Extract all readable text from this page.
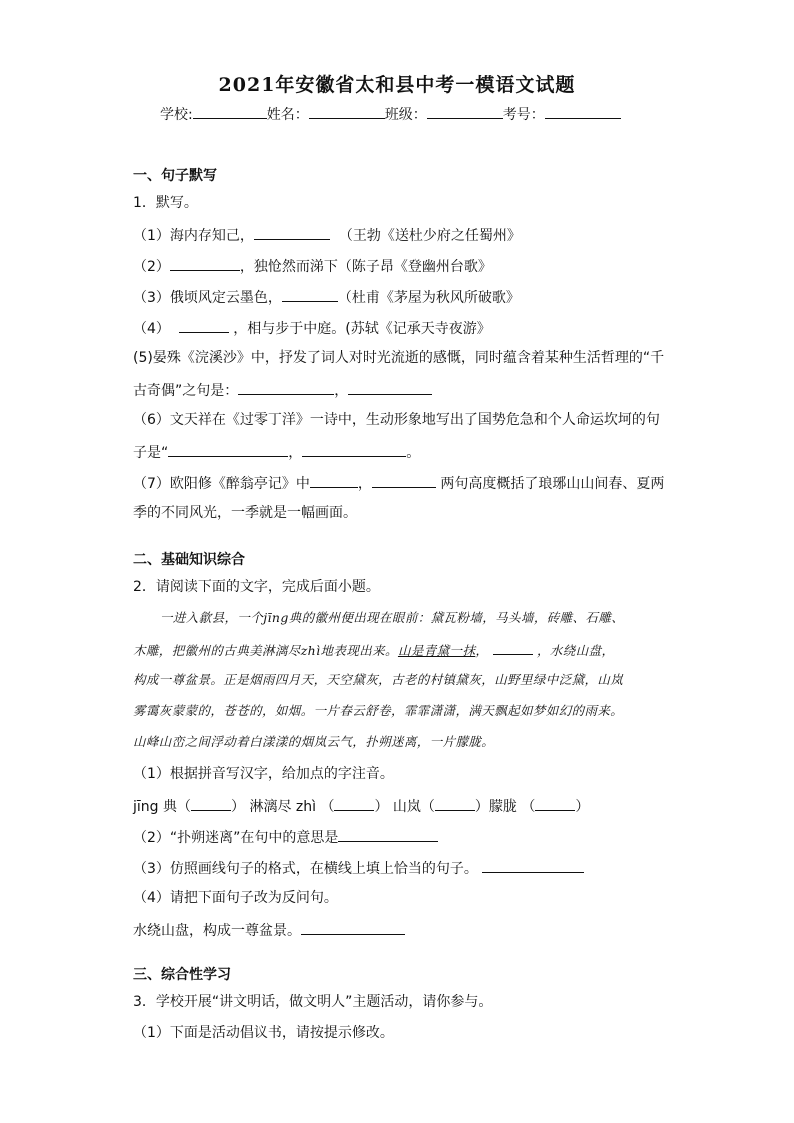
2021年安徽省太和县中考一模语文试题
学校:	姓名：	班级：	考号：
一、句子默写
1．默写。
（1）海内存知己，	（王勃《送杜少府之任蜀州》
（2）	，独怆然而涕下（陈子昂《登幽州台歌》
（3）俄顷风定云墨色，	（杜甫《茅屋为秋风所破歌》
（4）	，相与步于中庭。(苏轼《记承天寺夜游》
(5)晏殊《浣溪沙》中，抒发了词人对时光流逝的感慨，同时蕴含着某种生活哲理的“千
古奇偶”之句是：	，
（6）文天祥在《过零丁洋》一诗中，生动形象地写出了国势危急和个人命运坎坷的句
子是“	，	。
（7）欧阳修《醉翁亭记》中	，	两句高度概括了琅琊山山间春、夏两
季的不同风光，一季就是一幅画面。
二、基础知识综合
2．请阅读下面的文字，完成后面小题。
一进入歙县，一个jīng典的徽州便出现在眼前：黛瓦粉墙，马头墙，砖雕、石雕、
木雕，把徽州的古典美淋漓尽zhì地表现出来。山是青黛一抹，	，水绕山盘，
构成一尊盆景。正是烟雨四月天，天空黛灰，古老的村镇黛灰，山野里绿中泛黛，山岚
雾霭灰蒙蒙的，苍苍的，如烟。一片春云舒卷，霏霏潇潇，满天飘起如梦如幻的雨来。
山峰山峦之间浮动着白漾漾的烟岚云气，扑朔迷离，一片朦胧。
（1）根据拼音写汉字，给加点的字注音。
jīng 典（	） 淋漓尽 zhì （	） 山岚（	）朦胧 （	）
（2）“扑朔迷离”在句中的意思是
（3）仿照画线句子的格式，在横线上填上恰当的句子。
（4）请把下面句子改为反问句。
水绕山盘，构成一尊盆景。
三、综合性学习
3．学校开展“讲文明话，做文明人”主题活动，请你参与。
（1）下面是活动倡议书，请按提示修改。
